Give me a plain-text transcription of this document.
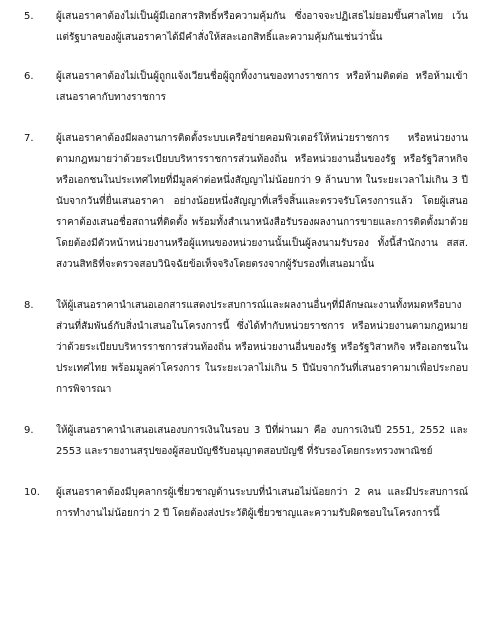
5.	ผู้เสนอราคาต้องไม่เป็นผู้มีเอกสารสิทธิ์หรือความคุ้มกัน ซึ่งอาจจะปฏิเสธไม่ยอมขึ้นศาลไทย เว้นแต่รัฐบาลของผู้เสนอราคาได้มีคำสั่งให้สละเอกสิทธิ์และความคุ้มกันเช่นว่านั้น
6.	ผู้เสนอราคาต้องไม่เป็นผู้ถูกแจ้งเวียนชื่อผู้ถูกทิ้งงานของทางราชการ หรือห้ามติดต่อ หรือห้ามเข้าเสนอราคากับทางราชการ
7.	ผู้เสนอราคาต้องมีผลงานการติดตั้งระบบเครือข่ายคอมพิวเตอร์ให้หน่วยราชการ หรือหน่วยงานตามกฎหมายว่าด้วยระเบียบบริหารราชการส่วนท้องถิ่น หรือหน่วยงานอื่นของรัฐ หรือรัฐวิสาหกิจ หรือเอกชนในประเทศไทยที่มีมูลค่าต่อหนึ่งสัญญาไม่น้อยกว่า 9 ล้านบาท ในระยะเวลาไม่เกิน 3 ปีนับจากวันที่ยื่นเสนอราคา อย่างน้อยหนึ่งสัญญาที่เสร็จสิ้นและตรวจรับโครงการแล้ว โดยผู้เสนอราคาต้องเสนอชื่อสถานที่ติดตั้ง พร้อมทั้งสำเนาหนังสือรับรองผลงานการขายและการติดตั้งมาด้วย โดยต้องมีตัวหน้าหน่วยงานหรือผู้แทนของหน่วยงานนั้นเป็นผู้ลงนามรับรอง ทั้งนี้สำนักงาน สสส. สงวนสิทธิที่จะตรวจสอบวินิจฉัยข้อเท็จจริงโดยตรงจากผู้รับรองที่เสนอมานั้น
8.	ให้ผู้เสนอราคานำเสนอเอกสารแสดงประสบการณ์และผลงานอื่นๆที่มีลักษณะงานทั้งหมดหรือบางส่วนที่สัมพันธ์กับสิ่งนำเสนอในโครงการนี้ ซึ่งได้ทำกับหน่วยราชการ หรือหน่วยงานตามกฎหมายว่าด้วยระเบียบบริหารราชการส่วนท้องถิ่น หรือหน่วยงานอื่นของรัฐ หรือรัฐวิสาหกิจ หรือเอกชนในประเทศไทย พร้อมมูลค่าโครงการ ในระยะเวลาไม่เกิน 5 ปีนับจากวันที่เสนอราคามาเพื่อประกอบการพิจารณา
9.	ให้ผู้เสนอราคานำเสนอเสนองบการเงินในรอบ 3 ปีที่ผ่านมา คือ งบการเงินปี 2551, 2552 และ 2553 และรายงานสรุปของผู้สอบบัญชีรับอนุญาตสอบบัญชี ที่รับรองโดยกระทรวงพาณิชย์
10.	ผู้เสนอราคาต้องมีบุคลากรผู้เชี่ยวชาญด้านระบบที่นำเสนอไม่น้อยกว่า 2 คน และมีประสบการณ์การทำงานไม่น้อยกว่า 2 ปี โดยต้องส่งประวัติผู้เชี่ยวชาญและความรับผิดชอบในโครงการนี้
